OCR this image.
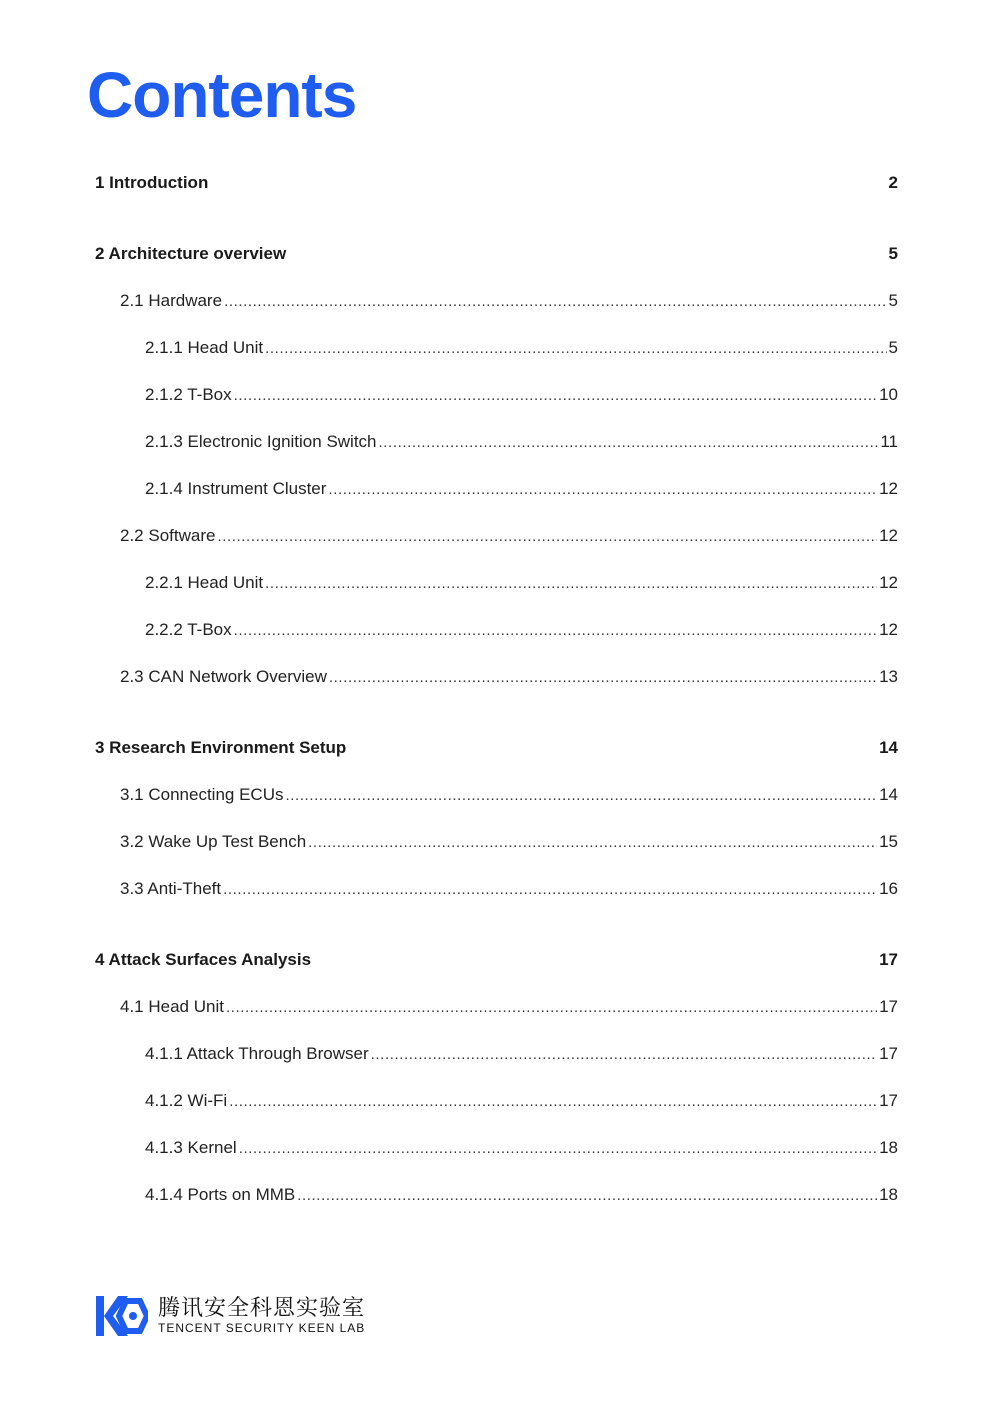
Contents
1 Introduction	2
2 Architecture overview	5
2.1 Hardware .....	5
2.1.1 Head Unit .....	5
2.1.2 T-Box .....	10
2.1.3 Electronic Ignition Switch .....	11
2.1.4 Instrument Cluster .....	12
2.2 Software .....	12
2.2.1 Head Unit .....	12
2.2.2 T-Box .....	12
2.3 CAN Network Overview .....	13
3 Research Environment Setup	14
3.1 Connecting ECUs .....	14
3.2 Wake Up Test Bench .....	15
3.3 Anti-Theft .....	16
4 Attack Surfaces Analysis	17
4.1 Head Unit .....	17
4.1.1 Attack Through Browser .....	17
4.1.2 Wi-Fi .....	17
4.1.3 Kernel .....	18
4.1.4 Ports on MMB .....	18
腾讯安全科恩实验室
TENCENT SECURITY KEEN LAB
